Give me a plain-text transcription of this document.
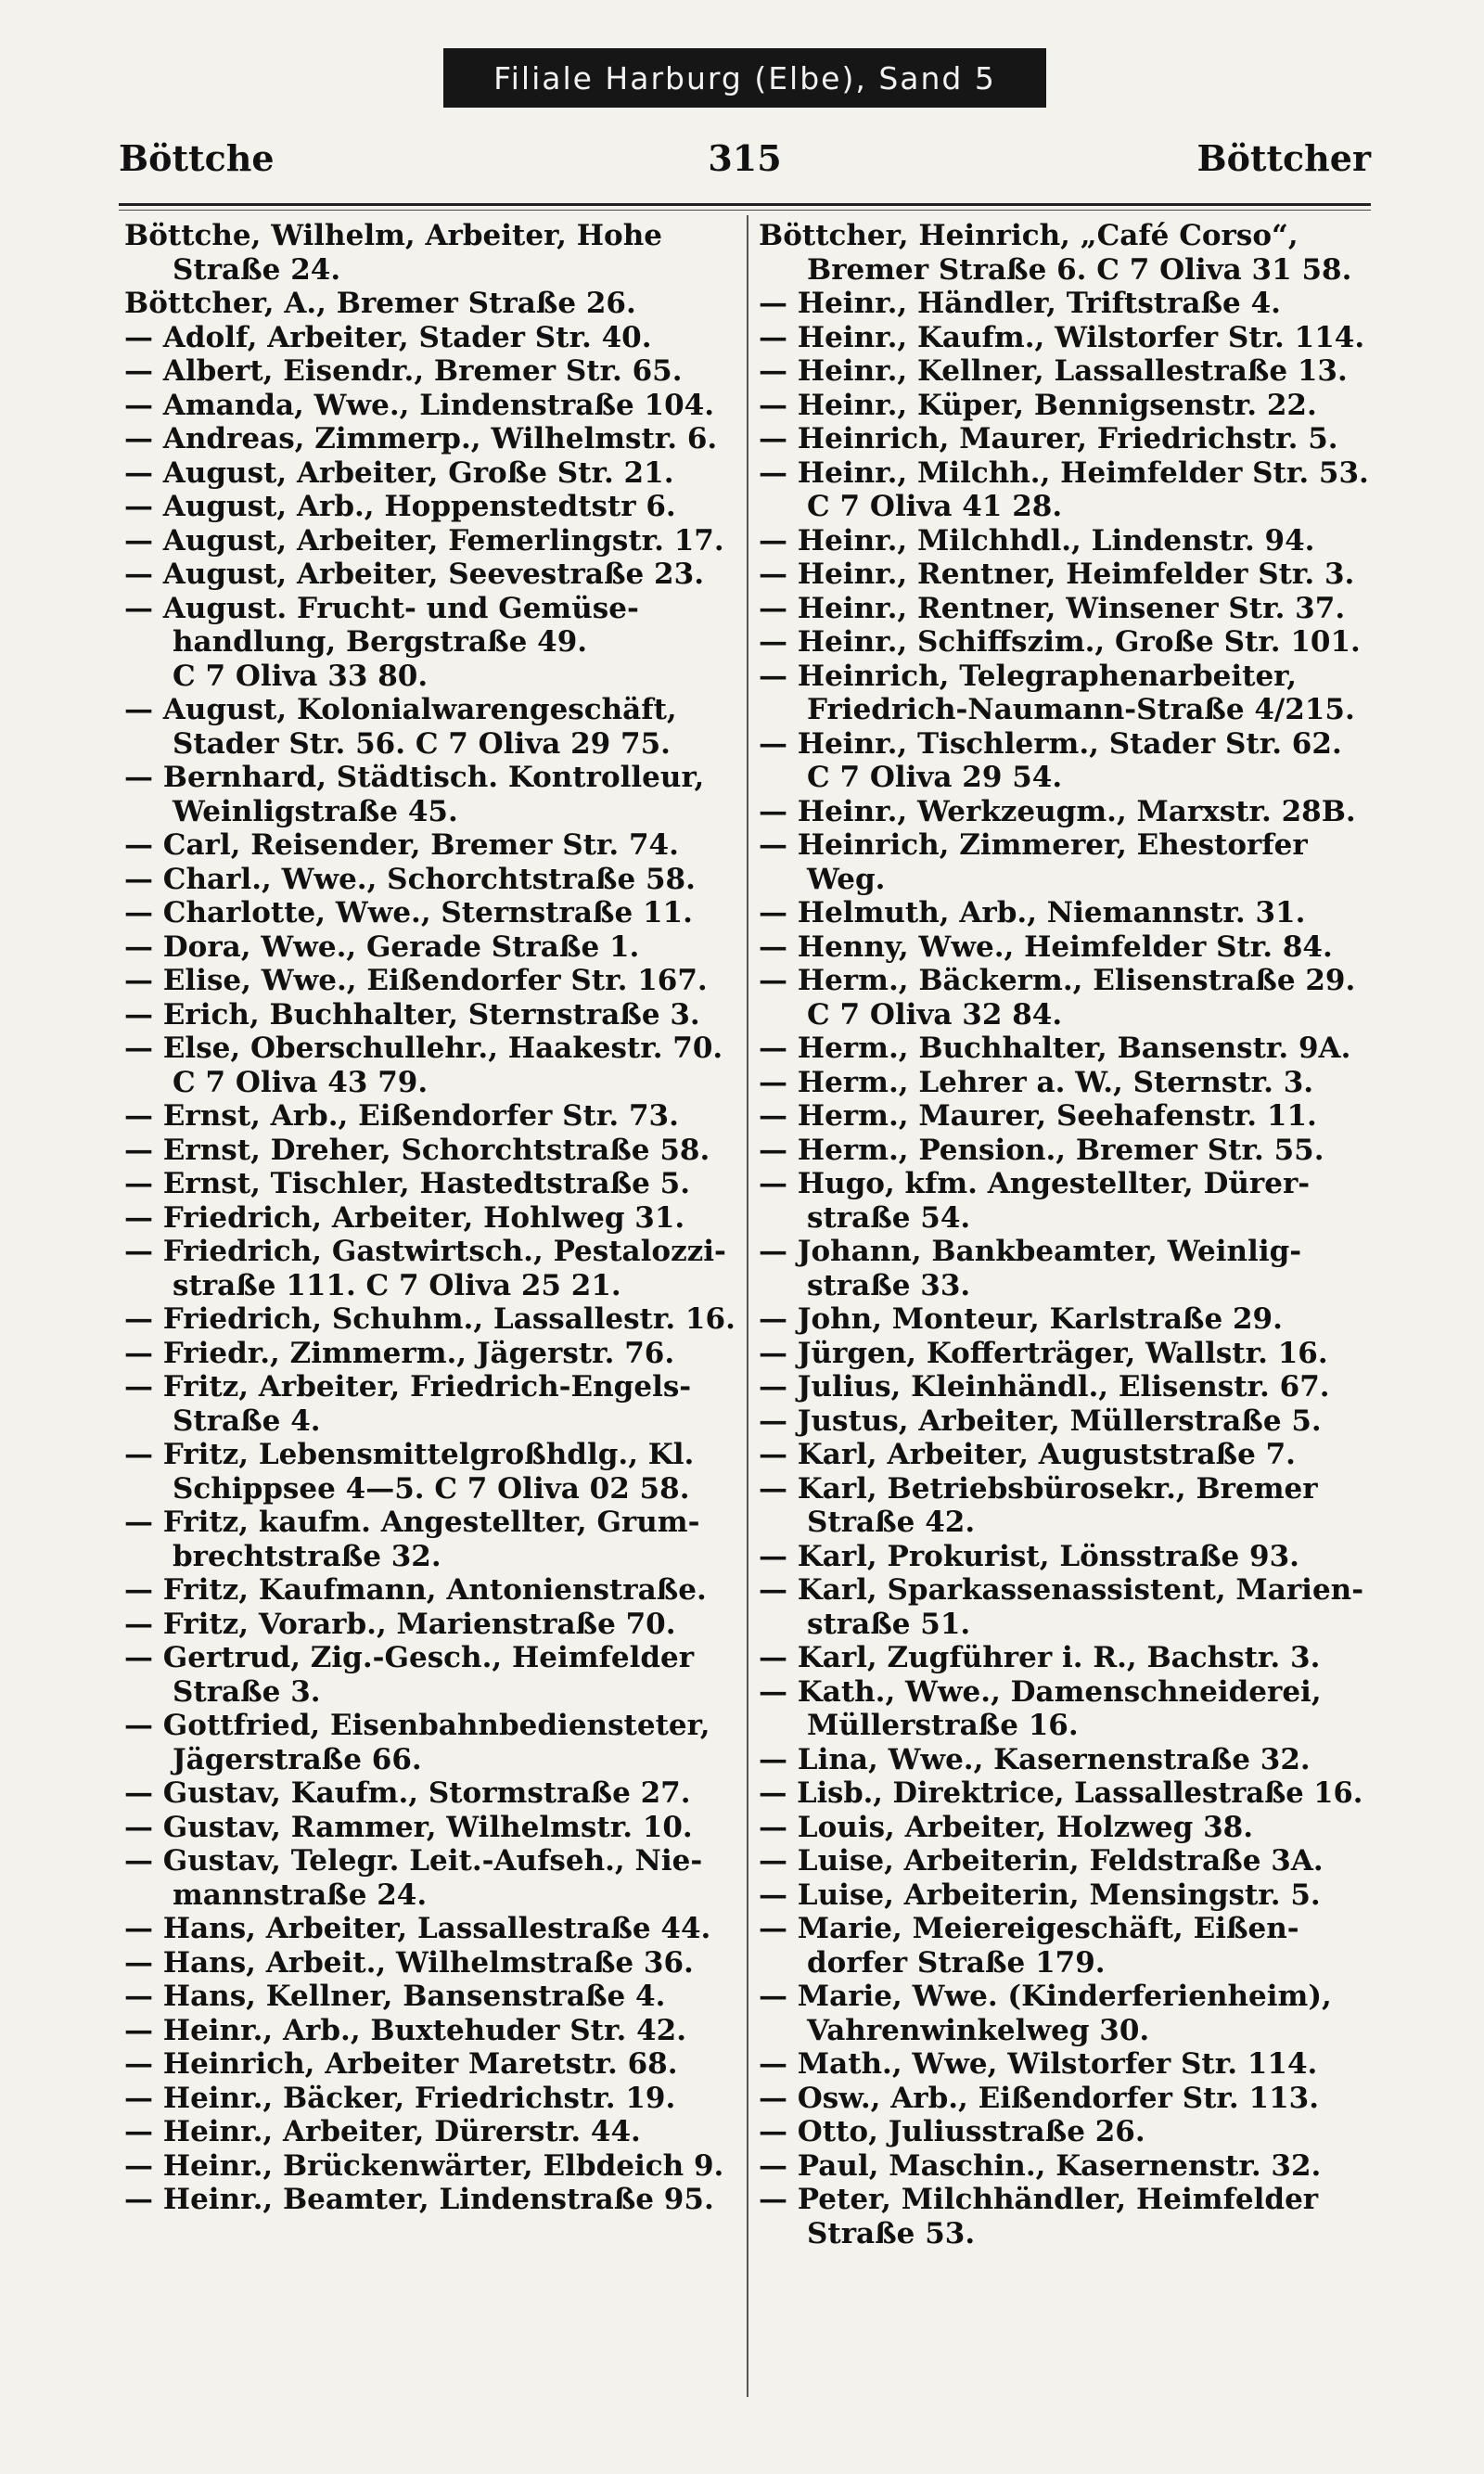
Filiale Harburg (Elbe), Sand 5
Böttche	315	Böttcher
Böttche, Wilhelm, Arbeiter, Hohe
Straße 24.
Böttcher, A., Bremer Straße 26.
— Adolf, Arbeiter, Stader Str. 40.
— Albert, Eisendr., Bremer Str. 65.
— Amanda, Wwe., Lindenstraße 104.
— Andreas, Zimmerp., Wilhelmstr. 6.
— August, Arbeiter, Große Str. 21.
— August, Arb., Hoppenstedtstr 6.
— August, Arbeiter, Femerlingstr. 17.
— August, Arbeiter, Seevestraße 23.
— August. Frucht- und Gemüse-
handlung, Bergstraße 49.
C 7 Oliva 33 80.
— August, Kolonialwarengeschäft,
Stader Str. 56. C 7 Oliva 29 75.
— Bernhard, Städtisch. Kontrolleur,
Weinligstraße 45.
— Carl, Reisender, Bremer Str. 74.
— Charl., Wwe., Schorchtstraße 58.
— Charlotte, Wwe., Sternstraße 11.
— Dora, Wwe., Gerade Straße 1.
— Elise, Wwe., Eißendorfer Str. 167.
— Erich, Buchhalter, Sternstraße 3.
— Else, Oberschullehr., Haakestr. 70.
C 7 Oliva 43 79.
— Ernst, Arb., Eißendorfer Str. 73.
— Ernst, Dreher, Schorchtstraße 58.
— Ernst, Tischler, Hastedtstraße 5.
— Friedrich, Arbeiter, Hohlweg 31.
— Friedrich, Gastwirtsch., Pestalozzi-
straße 111. C 7 Oliva 25 21.
— Friedrich, Schuhm., Lassallestr. 16.
— Friedr., Zimmerm., Jägerstr. 76.
— Fritz, Arbeiter, Friedrich-Engels-
Straße 4.
— Fritz, Lebensmittelgroßhdlg., Kl.
Schippsee 4—5. C 7 Oliva 02 58.
— Fritz, kaufm. Angestellter, Grum-
brechtstraße 32.
— Fritz, Kaufmann, Antonienstraße.
— Fritz, Vorarb., Marienstraße 70.
— Gertrud, Zig.-Gesch., Heimfelder
Straße 3.
— Gottfried, Eisenbahnbediensteter,
Jägerstraße 66.
— Gustav, Kaufm., Stormstraße 27.
— Gustav, Rammer, Wilhelmstr. 10.
— Gustav, Telegr. Leit.-Aufseh., Nie-
mannstraße 24.
— Hans, Arbeiter, Lassallestraße 44.
— Hans, Arbeit., Wilhelmstraße 36.
— Hans, Kellner, Bansenstraße 4.
— Heinr., Arb., Buxtehuder Str. 42.
— Heinrich, Arbeiter Maretstr. 68.
— Heinr., Bäcker, Friedrichstr. 19.
— Heinr., Arbeiter, Dürerstr. 44.
— Heinr., Brückenwärter, Elbdeich 9.
— Heinr., Beamter, Lindenstraße 95.
Böttcher, Heinrich, „Café Corso“,
Bremer Straße 6. C 7 Oliva 31 58.
— Heinr., Händler, Triftstraße 4.
— Heinr., Kaufm., Wilstorfer Str. 114.
— Heinr., Kellner, Lassallestraße 13.
— Heinr., Küper, Bennigsenstr. 22.
— Heinrich, Maurer, Friedrichstr. 5.
— Heinr., Milchh., Heimfelder Str. 53.
C 7 Oliva 41 28.
— Heinr., Milchhdl., Lindenstr. 94.
— Heinr., Rentner, Heimfelder Str. 3.
— Heinr., Rentner, Winsener Str. 37.
— Heinr., Schiffszim., Große Str. 101.
— Heinrich, Telegraphenarbeiter,
Friedrich-Naumann-Straße 4/215.
— Heinr., Tischlerm., Stader Str. 62.
C 7 Oliva 29 54.
— Heinr., Werkzeugm., Marxstr. 28B.
— Heinrich, Zimmerer, Ehestorfer
Weg.
— Helmuth, Arb., Niemannstr. 31.
— Henny, Wwe., Heimfelder Str. 84.
— Herm., Bäckerm., Elisenstraße 29.
C 7 Oliva 32 84.
— Herm., Buchhalter, Bansenstr. 9A.
— Herm., Lehrer a. W., Sternstr. 3.
— Herm., Maurer, Seehafenstr. 11.
— Herm., Pension., Bremer Str. 55.
— Hugo, kfm. Angestellter, Dürer-
straße 54.
— Johann, Bankbeamter, Weinlig-
straße 33.
— John, Monteur, Karlstraße 29.
— Jürgen, Kofferträger, Wallstr. 16.
— Julius, Kleinhändl., Elisenstr. 67.
— Justus, Arbeiter, Müllerstraße 5.
— Karl, Arbeiter, Auguststraße 7.
— Karl, Betriebsbürosekr., Bremer
Straße 42.
— Karl, Prokurist, Lönsstraße 93.
— Karl, Sparkassenassistent, Marien-
straße 51.
— Karl, Zugführer i. R., Bachstr. 3.
— Kath., Wwe., Damenschneiderei,
Müllerstraße 16.
— Lina, Wwe., Kasernenstraße 32.
— Lisb., Direktrice, Lassallestraße 16.
— Louis, Arbeiter, Holzweg 38.
— Luise, Arbeiterin, Feldstraße 3A.
— Luise, Arbeiterin, Mensingstr. 5.
— Marie, Meiereigeschäft, Eißen-
dorfer Straße 179.
— Marie, Wwe. (Kinderferienheim),
Vahrenwinkelweg 30.
— Math., Wwe, Wilstorfer Str. 114.
— Osw., Arb., Eißendorfer Str. 113.
— Otto, Juliusstraße 26.
— Paul, Maschin., Kasernenstr. 32.
— Peter, Milchhändler, Heimfelder
Straße 53.
